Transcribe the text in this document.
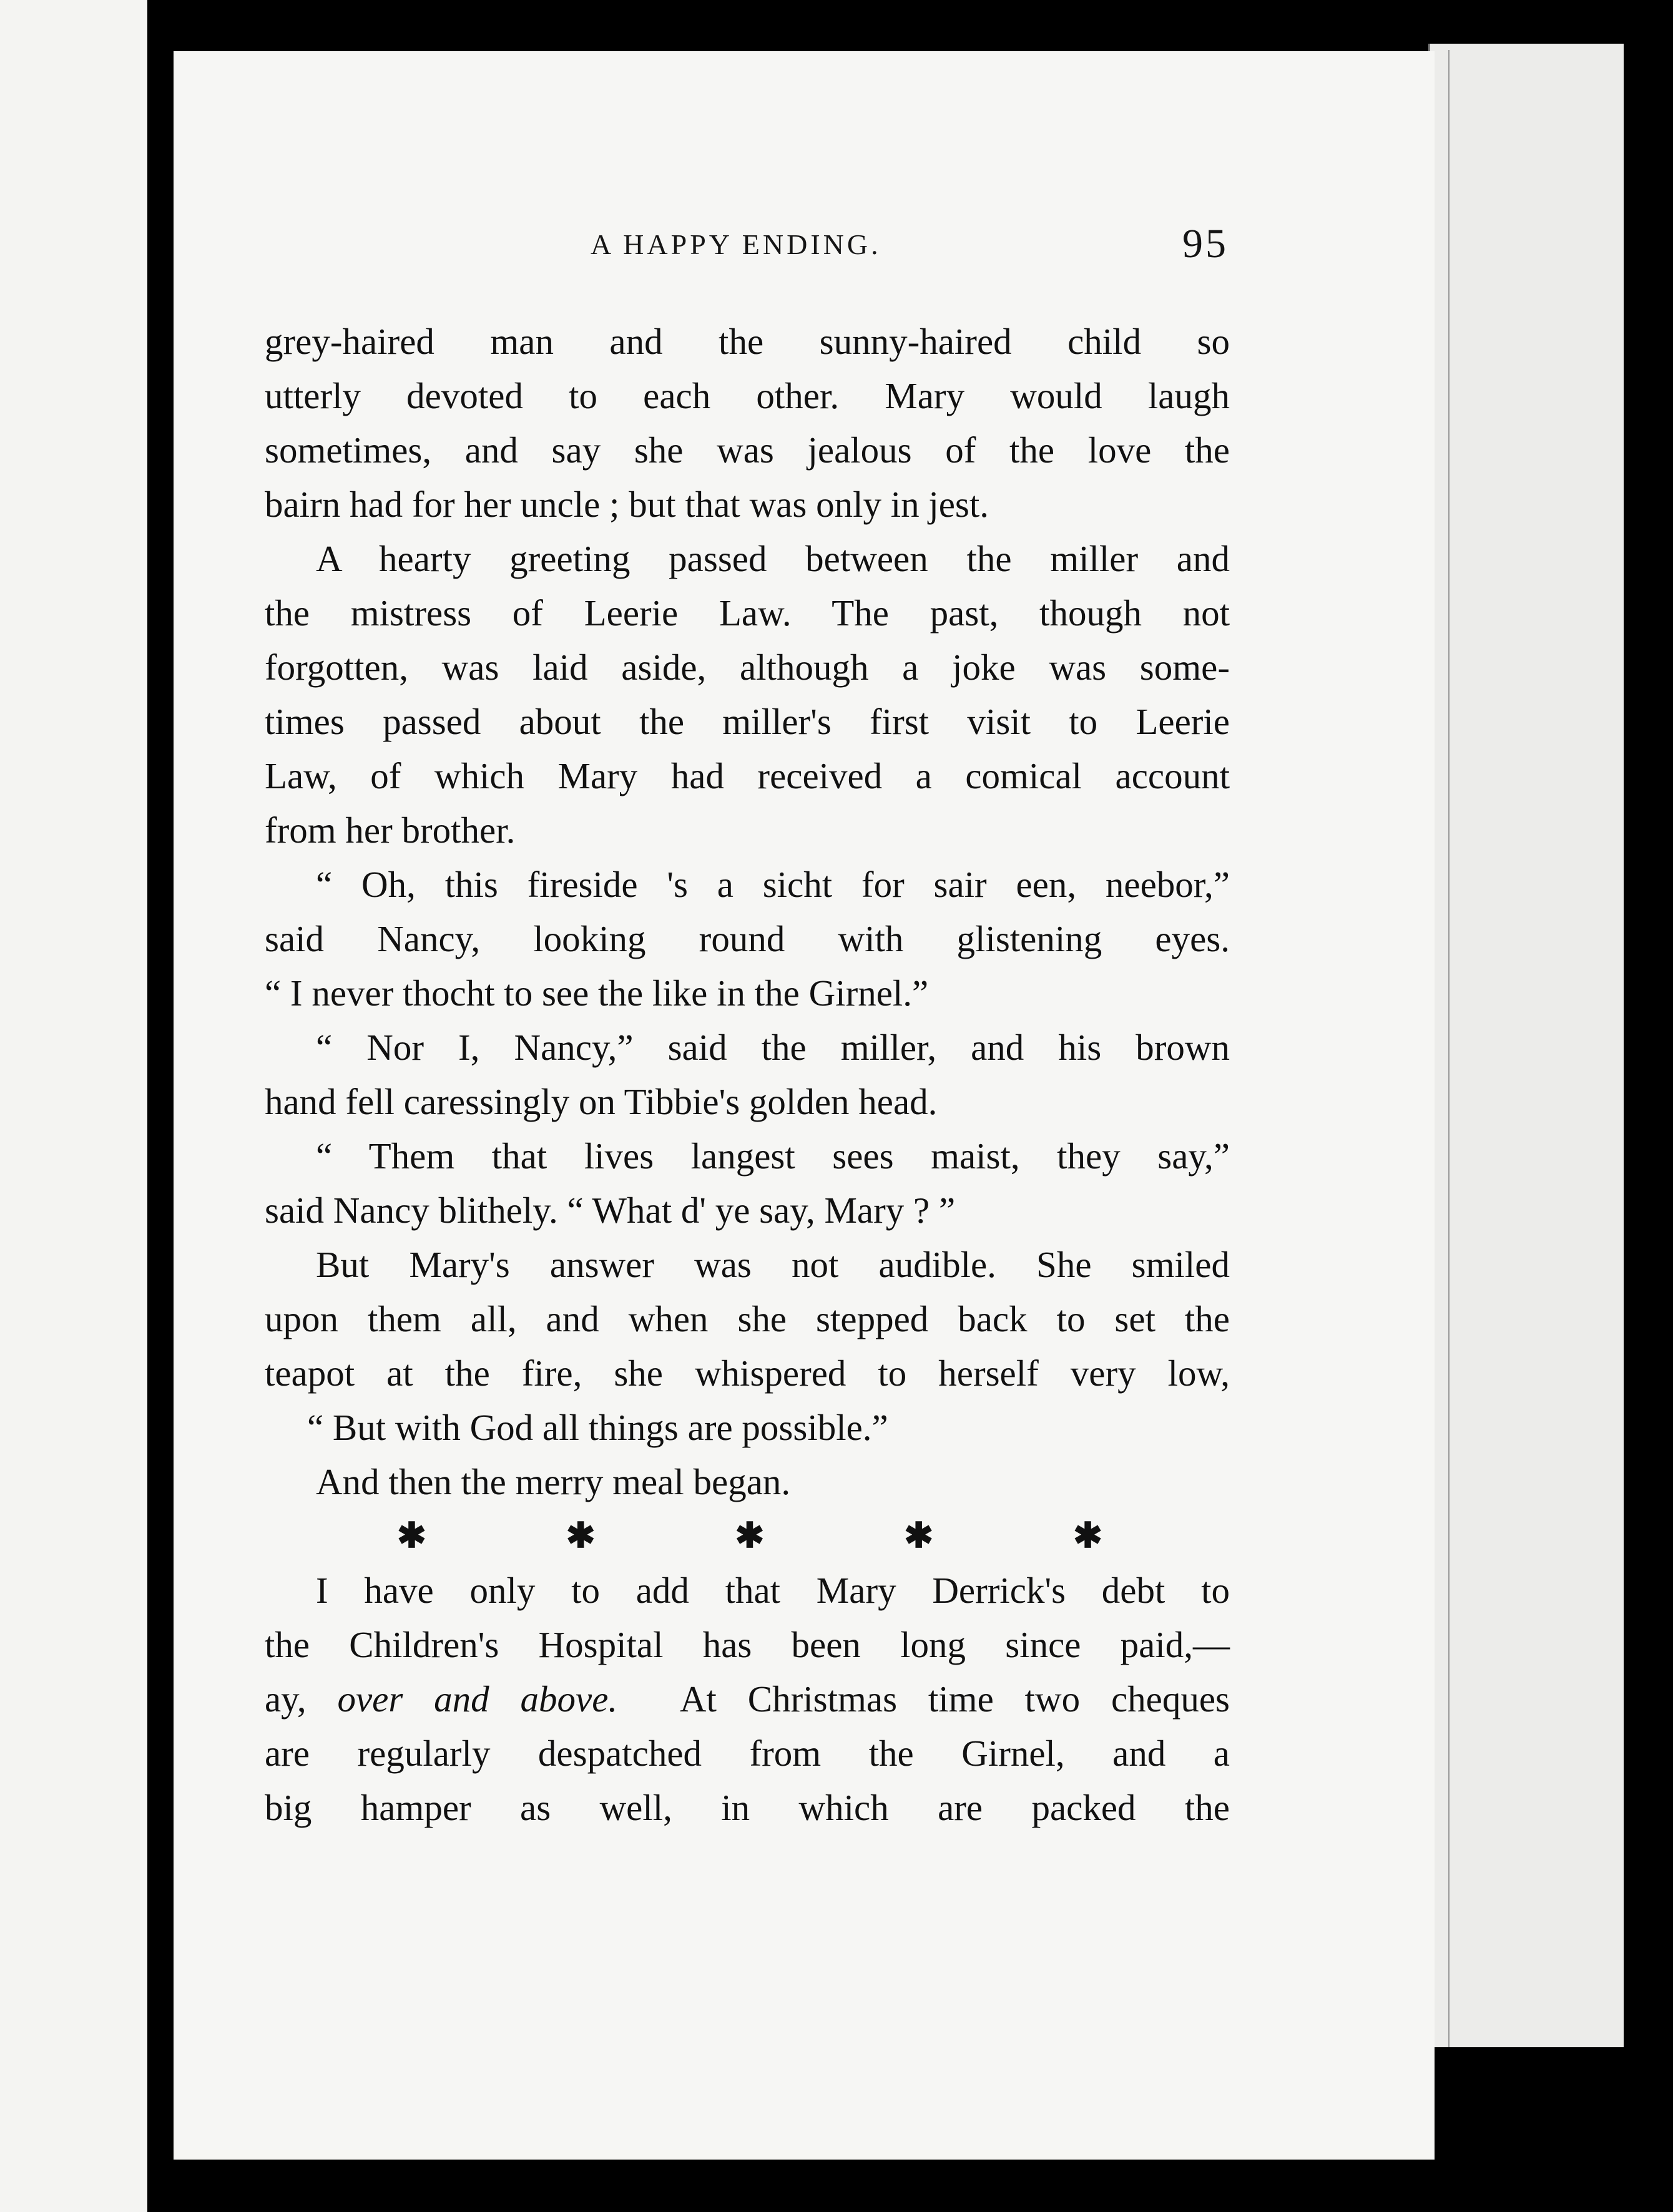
A HAPPY ENDING.	95
grey-haired man and the sunny-haired child so
utterly devoted to each other. Mary would laugh
sometimes, and say she was jealous of the love the
bairn had for her uncle ; but that was only in jest.
A hearty greeting passed between the miller and
the mistress of Leerie Law. The past, though not
forgotten, was laid aside, although a joke was some-
times passed about the miller's first visit to Leerie
Law, of which Mary had received a comical account
from her brother.
“ Oh, this fireside 's a sicht for sair een, neebor,”
said Nancy, looking round with glistening eyes.
“ I never thocht to see the like in the Girnel.”
“ Nor I, Nancy,” said the miller, and his brown
hand fell caressingly on Tibbie's golden head.
“ Them that lives langest sees maist, they say,”
said Nancy blithely. “ What d' ye say, Mary ? ”
But Mary's answer was not audible. She smiled
upon them all, and when she stepped back to set the
teapot at the fire, she whispered to herself very low,
“ But with God all things are possible.”
And then the merry meal began.
✱	✱	✱	✱	✱
I have only to add that Mary Derrick's debt to
the Children's Hospital has been long since paid,—
ay, over and above. At Christmas time two cheques
are regularly despatched from the Girnel, and a
big hamper as well, in which are packed the
